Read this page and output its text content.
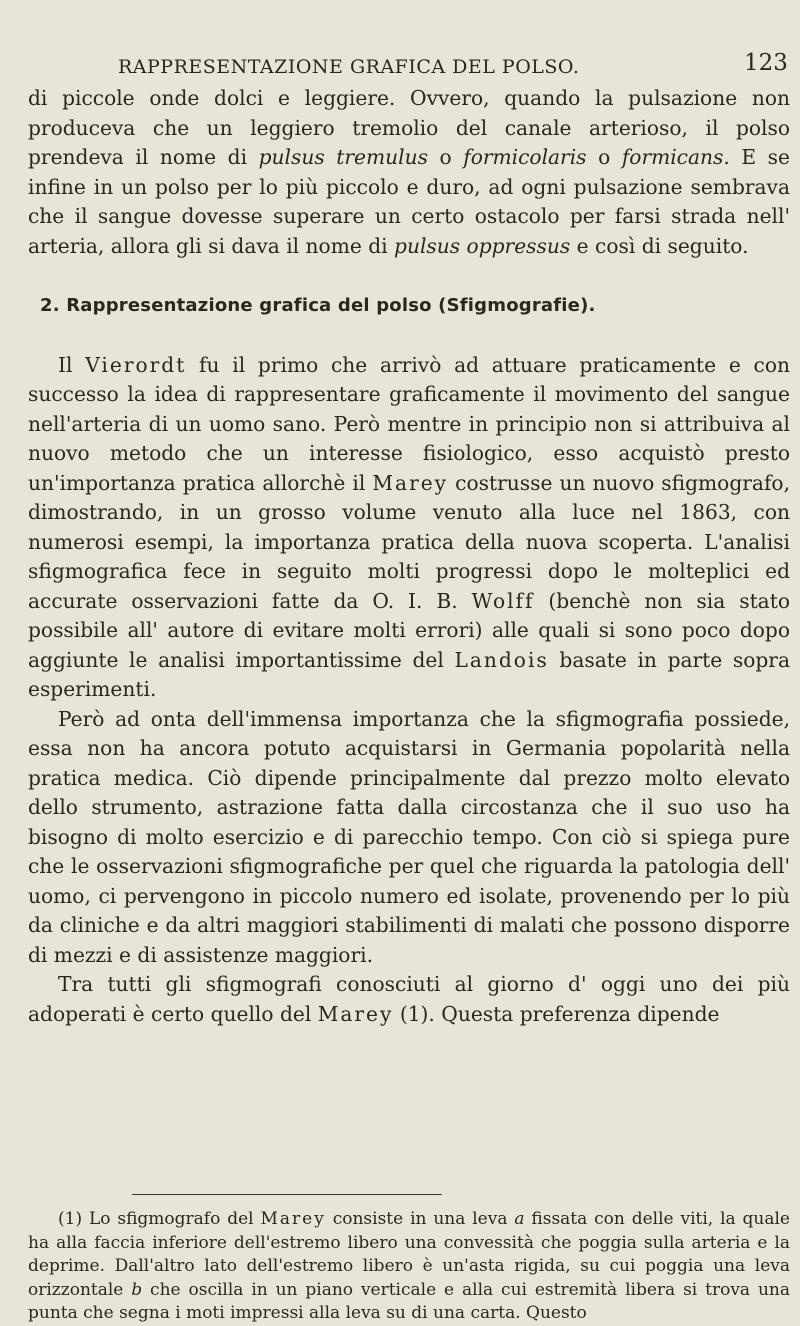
RAPPRESENTAZIONE GRAFICA DEL POLSO.	123

di piccole onde dolci e leggiere. Ovvero, quando la pulsazione non produceva che un leggiero tremolio del canale arterioso, il polso prendeva il nome di pulsus tremulus o formicolaris o formicans. E se infine in un polso per lo più piccolo e duro, ad ogni pulsazione sembrava che il sangue dovesse superare un certo ostacolo per farsi strada nell' arteria, allora gli si dava il nome di pulsus oppressus e così di seguito.

2. Rappresentazione grafica del polso (Sfigmografie).

Il Vierordt fu il primo che arrivò ad attuare praticamente e con successo la idea di rappresentare graficamente il movimento del sangue nell'arteria di un uomo sano. Però mentre in principio non si attribuiva al nuovo metodo che un interesse fisiologico, esso acquistò presto un'importanza pratica allorchè il Marey costrusse un nuovo sfigmografo, dimostrando, in un grosso volume venuto alla luce nel 1863, con numerosi esempi, la importanza pratica della nuova scoperta. L'analisi sfigmografica fece in seguito molti progressi dopo le molteplici ed accurate osservazioni fatte da O. I. B. Wolff (benchè non sia stato possibile all' autore di evitare molti errori) alle quali si sono poco dopo aggiunte le analisi importantissime del Landois basate in parte sopra esperimenti.

Però ad onta dell'immensa importanza che la sfigmografia possiede, essa non ha ancora potuto acquistarsi in Germania popolarità nella pratica medica. Ciò dipende principalmente dal prezzo molto elevato dello strumento, astrazione fatta dalla circostanza che il suo uso ha bisogno di molto esercizio e di parecchio tempo. Con ciò si spiega pure che le osservazioni sfigmografiche per quel che riguarda la patologia dell' uomo, ci pervengono in piccolo numero ed isolate, provenendo per lo più da cliniche e da altri maggiori stabilimenti di malati che possono disporre di mezzi e di assistenze maggiori.

Tra tutti gli sfigmografi conosciuti al giorno d' oggi uno dei più adoperati è certo quello del Marey (1). Questa preferenza dipende

(1) Lo sfigmografo del Marey consiste in una leva a fissata con delle viti, la quale ha alla faccia inferiore dell'estremo libero una convessità che poggia sulla arteria e la deprime. Dall'altro lato dell'estremo libero è un'asta rigida, su cui poggia una leva orizzontale b che oscilla in un piano verticale e alla cui estremità libera si trova una punta che segna i moti impressi alla leva su di una carta. Questo
